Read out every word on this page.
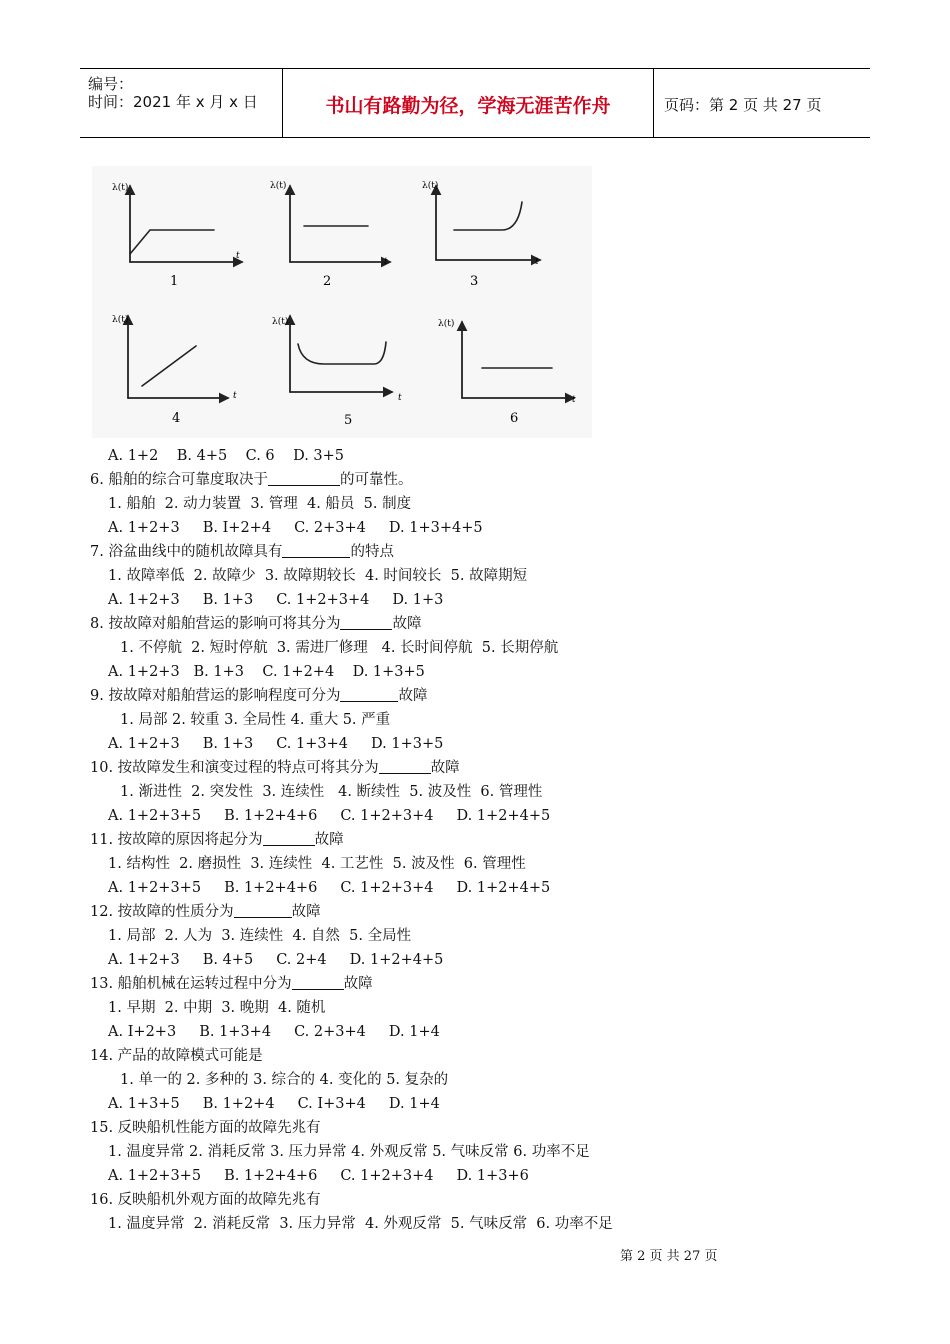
编号：
时间：2021 年 x 月 x 日	书山有路勤为径，学海无涯苦作舟	页码：第 2 页 共 27 页
λ(t)
t
1
λ(t)
t
2
λ(t)
t
3
λ(t)
t
4
λ(t)
t
5
λ(t)
t
6
A. 1+2    B. 4+5    C. 6    D. 3+5
6. 船舶的综合可靠度取决于	的可靠性。
1. 船舶  2. 动力装置  3. 管理  4. 船员  5. 制度
A. 1+2+3     B. I+2+4     C. 2+3+4     D. 1+3+4+5
7. 浴盆曲线中的随机故障具有	的特点
1. 故障率低  2. 故障少  3. 故障期较长  4. 时间较长  5. 故障期短
A. 1+2+3     B. 1+3     C. 1+2+3+4     D. 1+3
8. 按故障对船舶营运的影响可将其分为	故障
1. 不停航  2. 短时停航  3. 需进厂修理   4. 长时间停航  5. 长期停航
A. 1+2+3   B. 1+3    C. 1+2+4    D. 1+3+5
9. 按故障对船舶营运的影响程度可分为	故障
1. 局部 2. 较重 3. 全局性 4. 重大 5. 严重
A. 1+2+3     B. 1+3     C. 1+3+4     D. 1+3+5
10. 按故障发生和演变过程的特点可将其分为	故障
1. 渐进性  2. 突发性  3. 连续性   4. 断续性  5. 波及性  6. 管理性
A. 1+2+3+5     B. 1+2+4+6     C. 1+2+3+4     D. 1+2+4+5
11. 按故障的原因将起分为	故障
1. 结构性  2. 磨损性  3. 连续性  4. 工艺性  5. 波及性  6. 管理性
A. 1+2+3+5     B. 1+2+4+6     C. 1+2+3+4     D. 1+2+4+5
12. 按故障的性质分为	故障
1. 局部  2. 人为  3. 连续性  4. 自然  5. 全局性
A. 1+2+3     B. 4+5     C. 2+4     D. 1+2+4+5
13. 船舶机械在运转过程中分为	故障
1. 早期  2. 中期  3. 晚期  4. 随机
A. I+2+3     B. 1+3+4     C. 2+3+4     D. 1+4
14. 产品的故障模式可能是
1. 单一的 2. 多种的 3. 综合的 4. 变化的 5. 复杂的
A. 1+3+5     B. 1+2+4     C. I+3+4     D. 1+4
15. 反映船机性能方面的故障先兆有
1. 温度异常 2. 消耗反常 3. 压力异常 4. 外观反常 5. 气味反常 6. 功率不足
A. 1+2+3+5     B. 1+2+4+6     C. 1+2+3+4     D. 1+3+6
16. 反映船机外观方面的故障先兆有
1. 温度异常  2. 消耗反常  3. 压力异常  4. 外观反常  5. 气味反常  6. 功率不足
第 2 页 共 27 页
